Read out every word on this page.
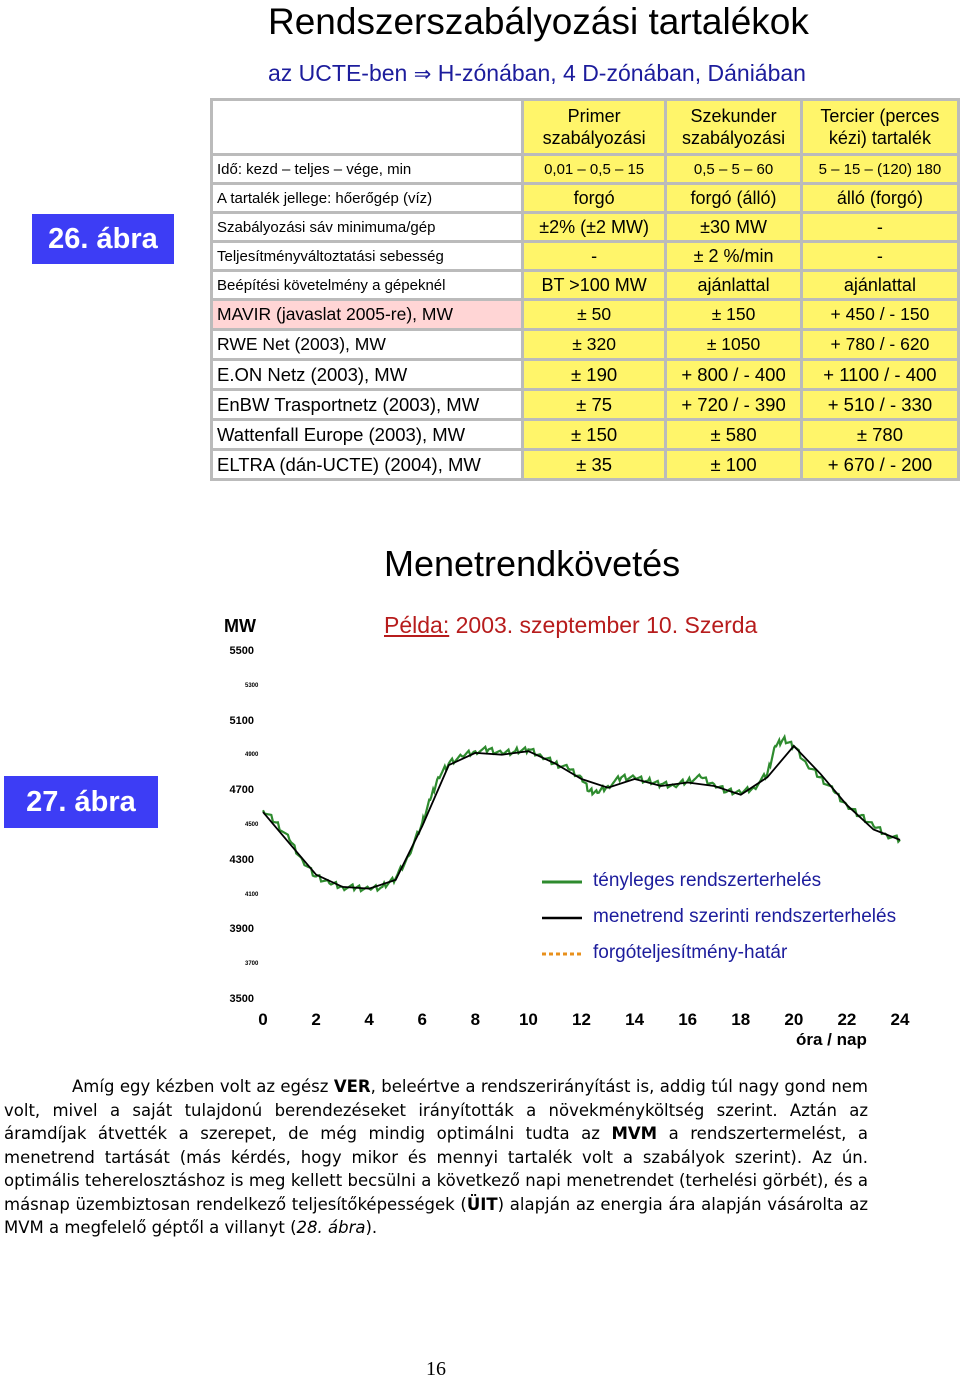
Rendszerszabályozási tartalékok
az UCTE-ben ⇒ H-zónában, 4 D-zónában, Dániában
26. ábra
	Primer szabályozási	Szekunder szabályozási	Tercier (perces kézi) tartalék
Idő: kezd – teljes – vége, min	0,01 – 0,5 – 15	0,5 – 5 – 60	5 – 15 – (120) 180
A tartalék jellege: hőerőgép (víz)	forgó	forgó (álló)	álló (forgó)
Szabályozási sáv minimuma/gép	±2% (±2 MW)	±30 MW	-
Teljesítményváltoztatási sebesség	-	± 2 %/min	-
Beépítési követelmény a gépeknél	BT >100 MW	ajánlattal	ajánlattal
MAVIR (javaslat 2005-re), MW	± 50	± 150	+ 450 / - 150
RWE Net (2003), MW	± 320	± 1050	+ 780 / - 620
E.ON Netz (2003), MW	± 190	+ 800 / - 400	+ 1100 / - 400
EnBW Trasportnetz (2003), MW	± 75	+ 720 / - 390	+ 510 / - 330
Wattenfall Europe (2003), MW	± 150	± 580	± 780
ELTRA (dán-UCTE) (2004), MW	± 35	± 100	+ 670 / - 200
Menetrendkövetés
Példa: 2003. szeptember 10. Szerda
MW
27. ábra
5500
5100
4700
4300
3900
3500
5300
4900
4500
4100
3700
0	2	4	6	8	10	12	14	16	18	20	22	24
óra / nap
tényleges rendszerterhelés
menetrend szerinti rendszerterhelés
forgóteljesítmény-határ
Amíg egy kézben volt az egész VER, beleértve a rendszerirányítást is, addig túl nagy gond nem volt, mivel a saját tulajdonú berendezéseket irányították a növekményköltség szerint. Aztán az áramdíjak átvették a szerepet, de még mindig optimálni tudta az MVM a rendszertermelést, a menetrend tartását (más kérdés, hogy mikor és mennyi tartalék volt a szabályok szerint). Az ún. optimális teherelosztáshoz is meg kellett becsülni a következő napi menetrendet (terhelési görbét), és a másnap üzembiztosan rendelkező teljesítőképességek (ÜIT) alapján az energia ára alapján vásárolta az MVM a megfelelő géptől a villanyt (28. ábra).
16
